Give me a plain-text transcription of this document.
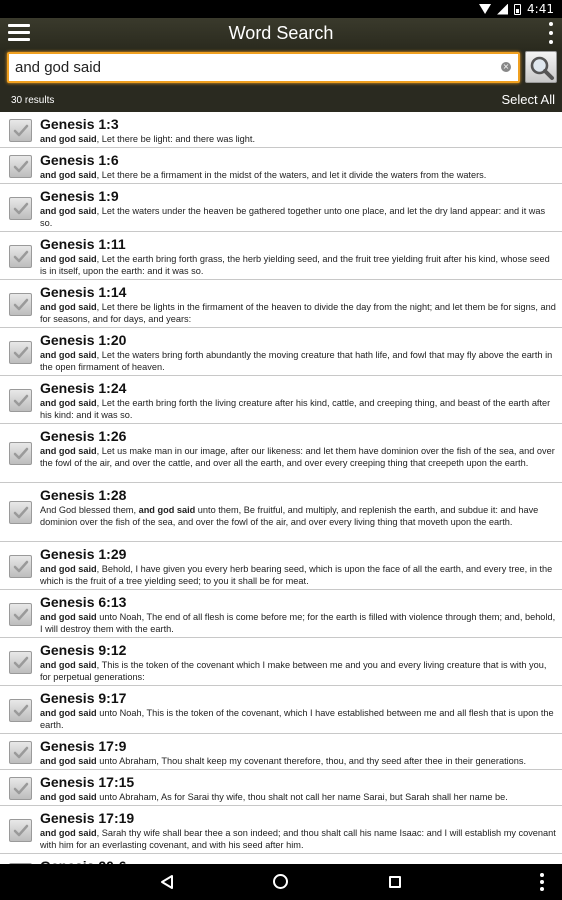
4:41
Word Search
and god said
×
30 results	Select All
Genesis 1:3
and god said, Let there be light: and there was light.
Genesis 1:6
and god said, Let there be a firmament in the midst of the waters, and let it divide the waters from the waters.
Genesis 1:9
and god said, Let the waters under the heaven be gathered together unto one place, and let the dry land appear: and it was so.
Genesis 1:11
and god said, Let the earth bring forth grass, the herb yielding seed, and the fruit tree yielding fruit after his kind, whose seed is in itself, upon the earth: and it was so.
Genesis 1:14
and god said, Let there be lights in the firmament of the heaven to divide the day from the night; and let them be for signs, and for seasons, and for days, and years:
Genesis 1:20
and god said, Let the waters bring forth abundantly the moving creature that hath life, and fowl that may fly above the earth in the open firmament of heaven.
Genesis 1:24
and god said, Let the earth bring forth the living creature after his kind, cattle, and creeping thing, and beast of the earth after his kind: and it was so.
Genesis 1:26
and god said, Let us make man in our image, after our likeness: and let them have dominion over the fish of the sea, and over the fowl of the air, and over the cattle, and over all the earth, and over every creeping thing that creepeth upon the earth.
Genesis 1:28
And God blessed them, and god said unto them, Be fruitful, and multiply, and replenish the earth, and subdue it: and have dominion over the fish of the sea, and over the fowl of the air, and over every living thing that moveth upon the earth.
Genesis 1:29
and god said, Behold, I have given you every herb bearing seed, which is upon the face of all the earth, and every tree, in the which is the fruit of a tree yielding seed; to you it shall be for meat.
Genesis 6:13
and god said unto Noah, The end of all flesh is come before me; for the earth is filled with violence through them; and, behold, I will destroy them with the earth.
Genesis 9:12
and god said, This is the token of the covenant which I make between me and you and every living creature that is with you, for perpetual generations:
Genesis 9:17
and god said unto Noah, This is the token of the covenant, which I have established between me and all flesh that is upon the earth.
Genesis 17:9
and god said unto Abraham, Thou shalt keep my covenant therefore, thou, and thy seed after thee in their generations.
Genesis 17:15
and god said unto Abraham, As for Sarai thy wife, thou shalt not call her name Sarai, but Sarah shall her name be.
Genesis 17:19
and god said, Sarah thy wife shall bear thee a son indeed; and thou shalt call his name Isaac: and I will establish my covenant with him for an everlasting covenant, and with his seed after him.
